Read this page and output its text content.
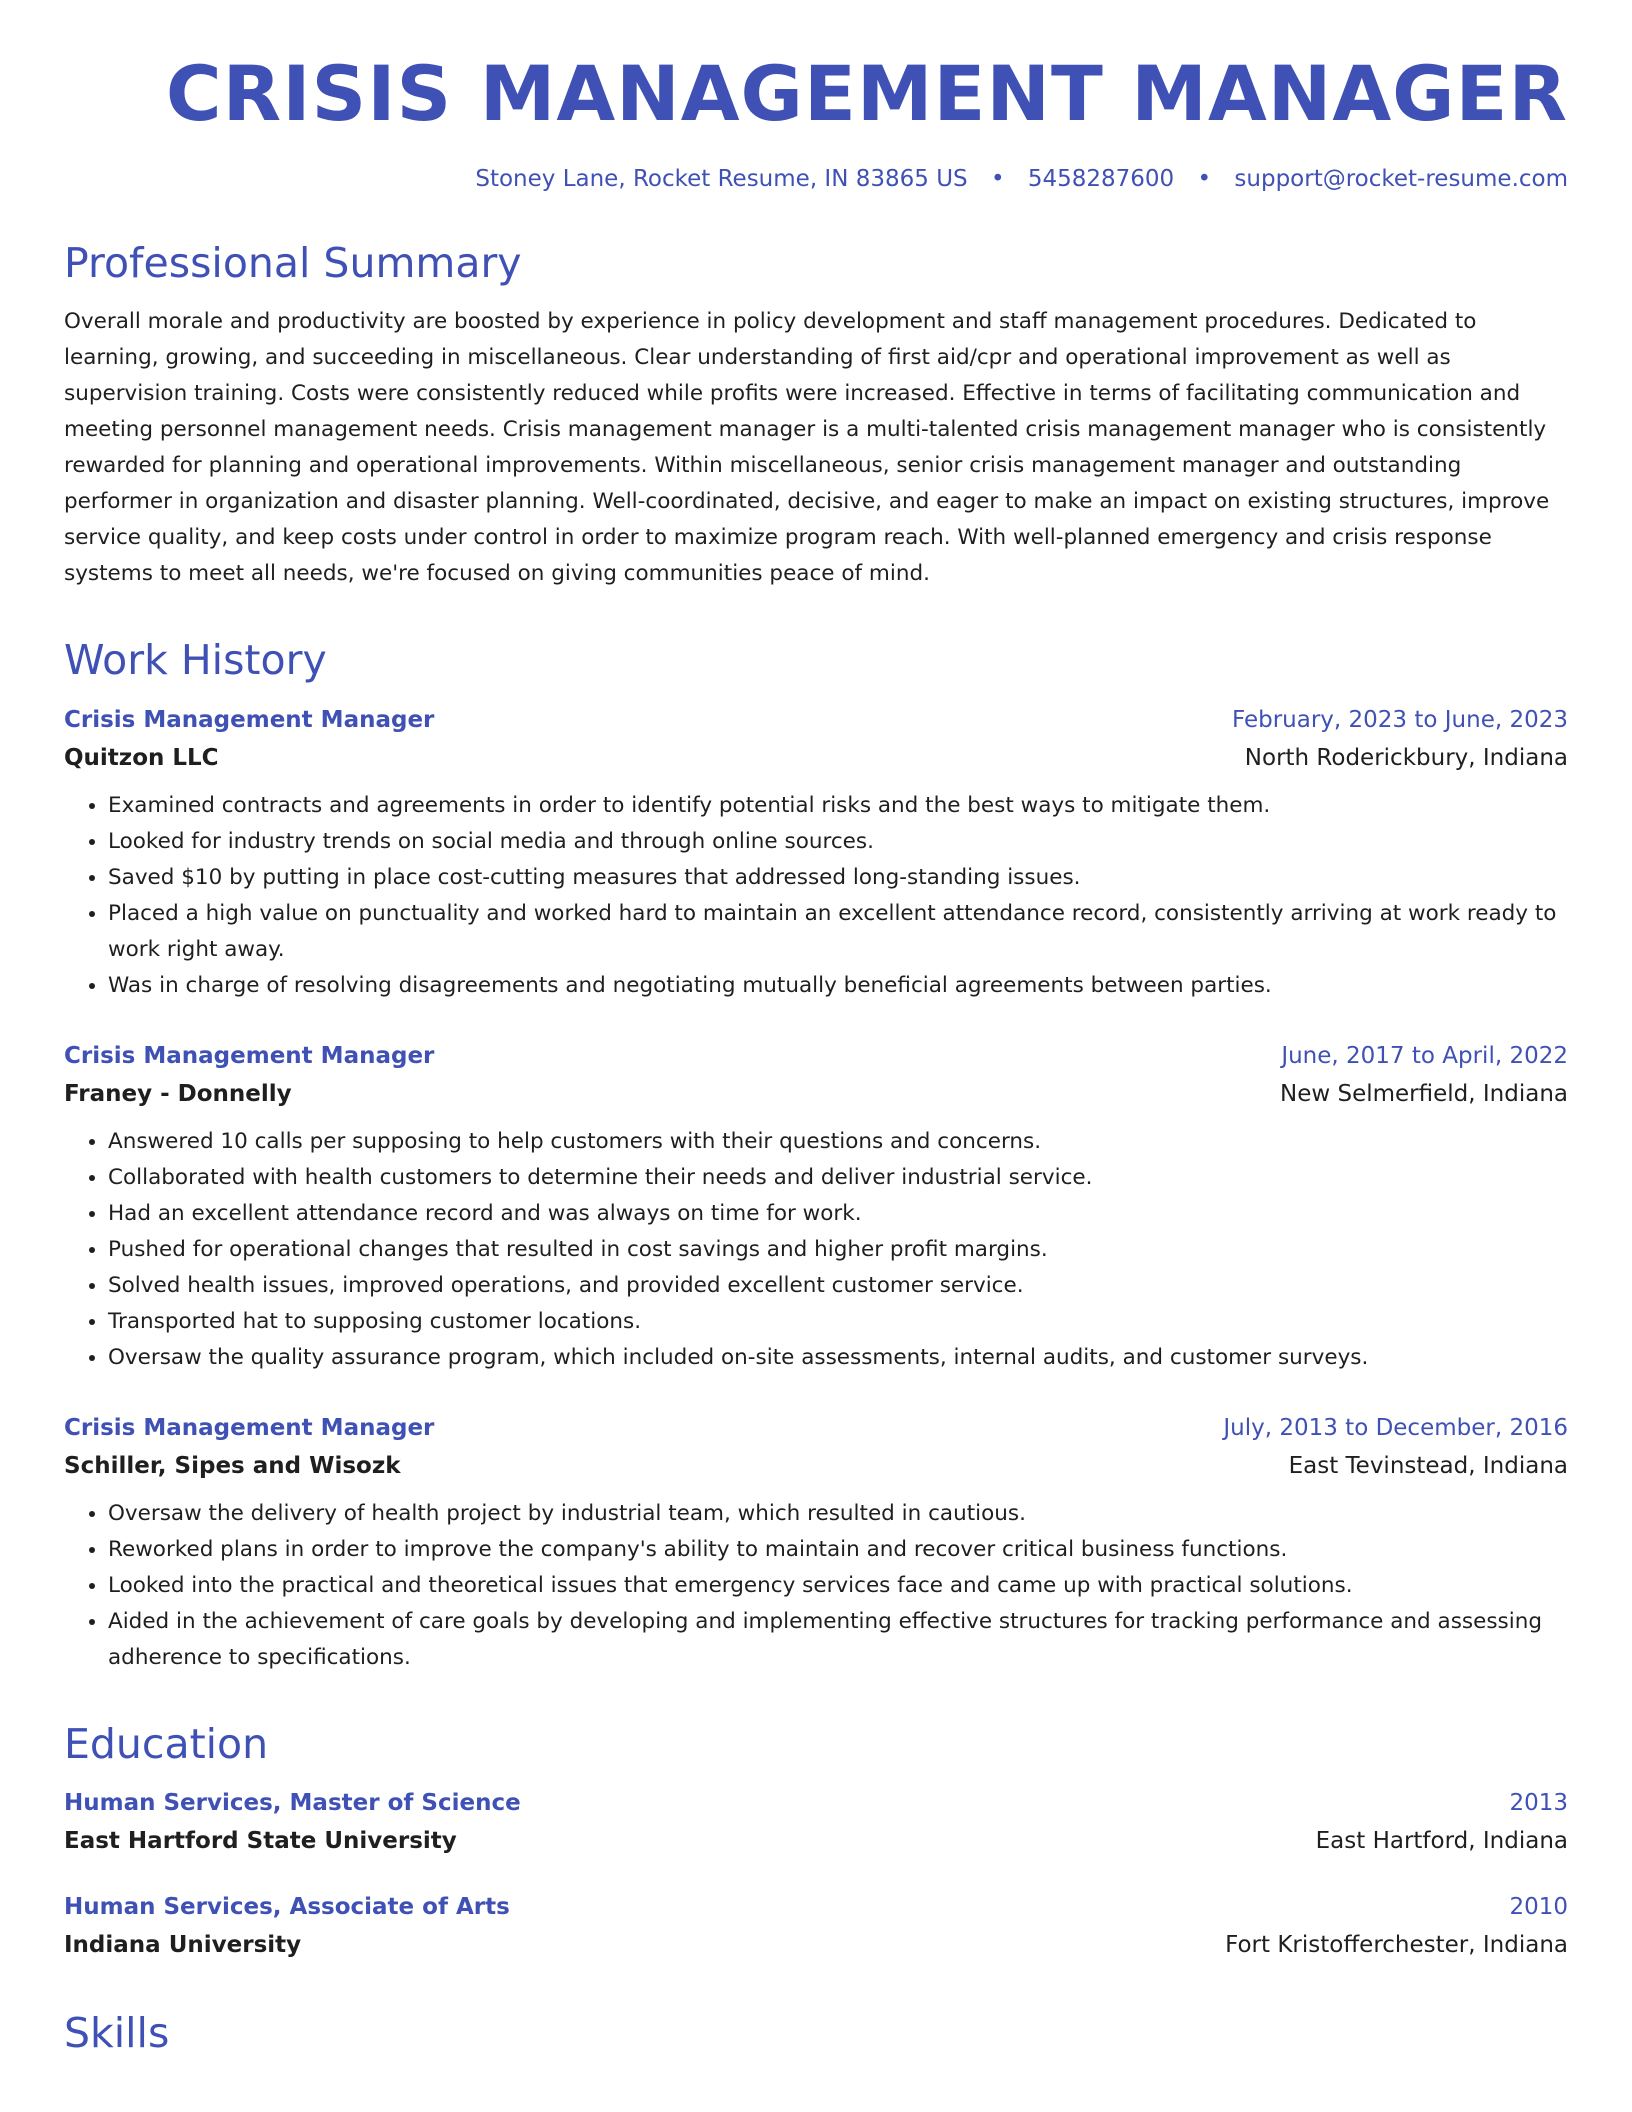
CRISIS MANAGEMENT MANAGER
Stoney Lane, Rocket Resume, IN 83865 US • 5458287600 • support@rocket-resume.com
Professional Summary

Overall morale and productivity are boosted by experience in policy development and staff management procedures. Dedicated to learning, growing, and succeeding in miscellaneous. Clear understanding of first aid/cpr and operational improvement as well as supervision training. Costs were consistently reduced while profits were increased. Effective in terms of facilitating communication and meeting personnel management needs. Crisis management manager is a multi-talented crisis management manager who is consistently rewarded for planning and operational improvements. Within miscellaneous, senior crisis management manager and outstanding performer in organization and disaster planning. Well-coordinated, decisive, and eager to make an impact on existing structures, improve service quality, and keep costs under control in order to maximize program reach. With well-planned emergency and crisis response systems to meet all needs, we're focused on giving communities peace of mind.

Work History
Crisis Management Manager	February, 2023 to June, 2023
Quitzon LLC	North Roderickbury, Indiana
• Examined contracts and agreements in order to identify potential risks and the best ways to mitigate them.
• Looked for industry trends on social media and through online sources.
• Saved $10 by putting in place cost-cutting measures that addressed long-standing issues.
• Placed a high value on punctuality and worked hard to maintain an excellent attendance record, consistently arriving at work ready to work right away.
• Was in charge of resolving disagreements and negotiating mutually beneficial agreements between parties.
Crisis Management Manager	June, 2017 to April, 2022
Franey - Donnelly	New Selmerfield, Indiana
• Answered 10 calls per supposing to help customers with their questions and concerns.
• Collaborated with health customers to determine their needs and deliver industrial service.
• Had an excellent attendance record and was always on time for work.
• Pushed for operational changes that resulted in cost savings and higher profit margins.
• Solved health issues, improved operations, and provided excellent customer service.
• Transported hat to supposing customer locations.
• Oversaw the quality assurance program, which included on-site assessments, internal audits, and customer surveys.
Crisis Management Manager	July, 2013 to December, 2016
Schiller, Sipes and Wisozk	East Tevinstead, Indiana
• Oversaw the delivery of health project by industrial team, which resulted in cautious.
• Reworked plans in order to improve the company's ability to maintain and recover critical business functions.
• Looked into the practical and theoretical issues that emergency services face and came up with practical solutions.
• Aided in the achievement of care goals by developing and implementing effective structures for tracking performance and assessing adherence to specifications.
Education
Human Services, Master of Science	2013
East Hartford State University	East Hartford, Indiana
Human Services, Associate of Arts	2010
Indiana University	Fort Kristofferchester, Indiana
Skills
